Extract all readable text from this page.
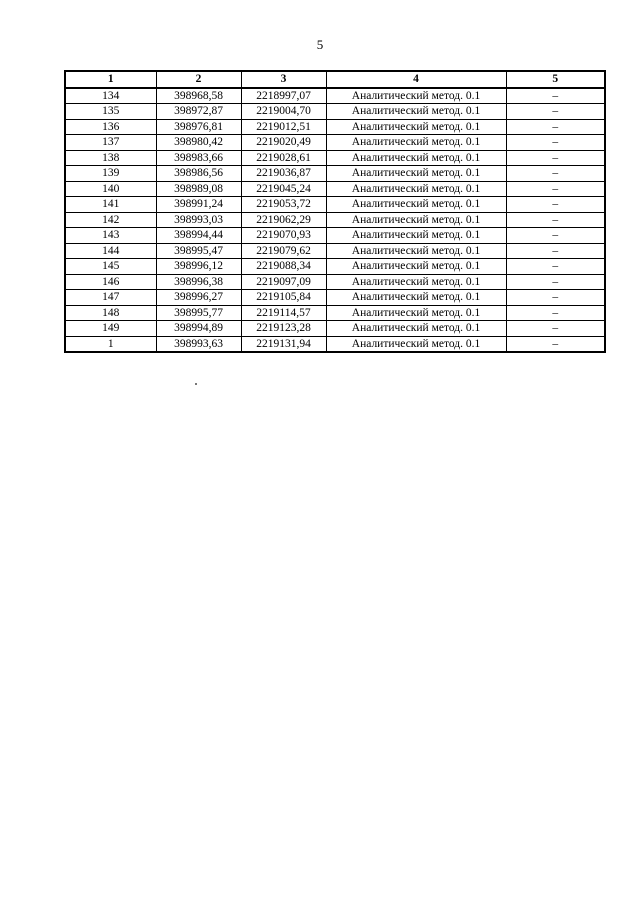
5
1	2	3	4	5
134	398968,58	2218997,07	Аналитический метод. 0.1	–
135	398972,87	2219004,70	Аналитический метод. 0.1	–
136	398976,81	2219012,51	Аналитический метод. 0.1	–
137	398980,42	2219020,49	Аналитический метод. 0.1	–
138	398983,66	2219028,61	Аналитический метод. 0.1	–
139	398986,56	2219036,87	Аналитический метод. 0.1	–
140	398989,08	2219045,24	Аналитический метод. 0.1	–
141	398991,24	2219053,72	Аналитический метод. 0.1	–
142	398993,03	2219062,29	Аналитический метод. 0.1	–
143	398994,44	2219070,93	Аналитический метод. 0.1	–
144	398995,47	2219079,62	Аналитический метод. 0.1	–
145	398996,12	2219088,34	Аналитический метод. 0.1	–
146	398996,38	2219097,09	Аналитический метод. 0.1	–
147	398996,27	2219105,84	Аналитический метод. 0.1	–
148	398995,77	2219114,57	Аналитический метод. 0.1	–
149	398994,89	2219123,28	Аналитический метод. 0.1	–
1	398993,63	2219131,94	Аналитический метод. 0.1	–
